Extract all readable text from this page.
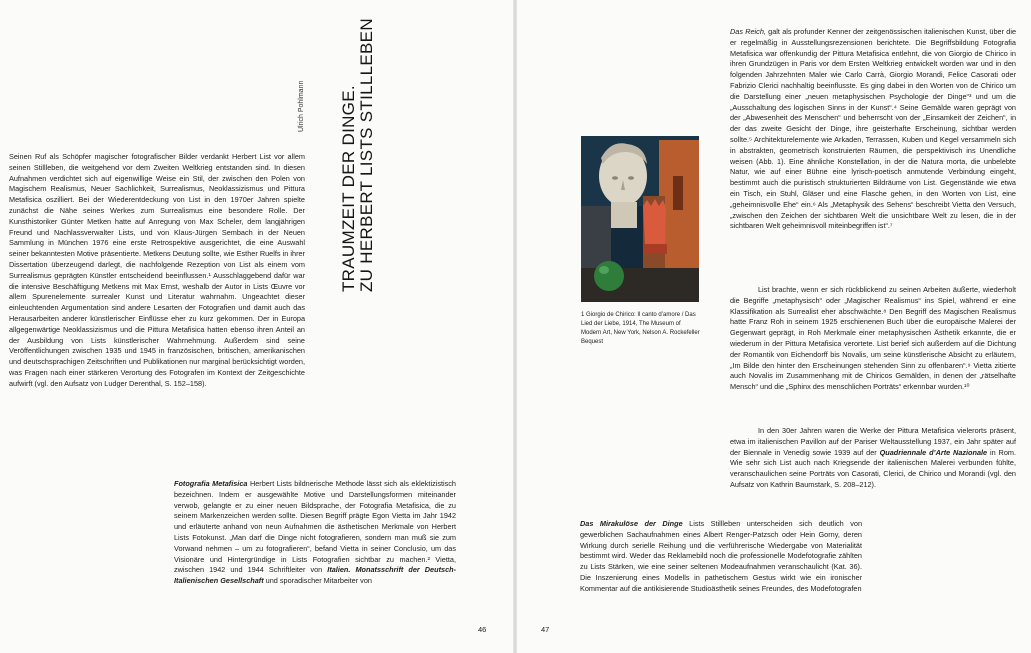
Ulrich Pohlmann TRAUMZEIT DER DINGE. ZU HERBERT LISTS STILLLEBEN

Seinen Ruf als Schöpfer magischer fotografischer Bilder verdankt Herbert List vor allem seinen Stillleben, die weitgehend vor dem Zweiten Weltkrieg entstanden sind. In diesen Aufnahmen verdichtet sich auf eigenwillige Weise ein Stil, der zwischen den Polen von Magischem Realismus, Neuer Sachlichkeit, Surrealismus, Neoklassizismus und Pittura Metafisica oszilliert. Bei der Wiederentdeckung von List in den 1970er Jahren spielte zunächst die Nähe seines Werkes zum Surrealismus eine besondere Rolle. Der Kunsthistoriker Günter Metken hatte auf Anregung von Max Scheler, dem langjährigen Freund und Nachlassverwalter Lists, und von Klaus-Jürgen Sembach in der Neuen Sammlung in München 1976 eine erste Retrospektive ausgerichtet, die eine Auswahl seiner bekanntesten Motive präsentierte. Metkens Deutung sollte, wie Esther Ruelfs in ihrer Dissertation überzeugend darlegt, die nachfolgende Rezeption von List als einem vom Surrealismus geprägten Künstler entscheidend beeinflussen.¹ Ausschlaggebend dafür war die intensive Beschäftigung Metkens mit Max Ernst, weshalb der Autor in Lists Œuvre vor allem Spurenelemente surrealer Kunst und Literatur wahrnahm. Ungeachtet dieser einleuchtenden Argumentation sind andere Lesarten der Fotografien und damit auch das Herausarbeiten anderer künstlerischer Einflüsse eher zu kurz gekommen. Der in Europa allgegenwärtige Neoklassizismus und die Pittura Metafisica hatten ebenso ihren Anteil an der Ausbildung von Lists künstlerischer Wahrnehmung. Außerdem sind seine Veröffentlichungen zwischen 1935 und 1945 in französischen, britischen, amerikanischen und deutschsprachigen Zeitschriften und Publikationen nur marginal berücksichtigt worden, was Fragen nach einer stärkeren Verortung des Fotografen im Kontext der Zeitgeschichte aufwirft (vgl. den Aufsatz von Ludger Derenthal, S. 152–158).

Fotografia Metafisica Herbert Lists bildnerische Methode lässt sich als eklektizistisch bezeichnen. Indem er ausgewählte Motive und Darstellungsformen miteinander verwob, gelangte er zu einer neuen Bildsprache, der Fotografia Metafisica, die zu seinem Markenzeichen werden sollte. Diesen Begriff prägte Egon Vietta im Jahr 1942 und erläuterte anhand von neun Aufnahmen die ästhetischen Merkmale von Herbert Lists Fotokunst. „Man darf die Dinge nicht fotografieren, sondern man muß sie zum Vorwand nehmen – um zu fotografieren“, befand Vietta in seiner Conclusio, um das Visionäre und Hintergründige in Lists Fotografien sichtbar zu machen.² Vietta, zwischen 1942 und 1944 Schriftleiter von Italien. Monatsschrift der Deutsch-Italienischen Gesellschaft und sporadischer Mitarbeiter von

46

Das Reich, galt als profunder Kenner der zeitgenössischen italienischen Kunst, über die er regelmäßig in Ausstellungsrezensionen berichtete. Die Begriffsbildung Fotografia Metafisica war offenkundig der Pittura Metafisica entlehnt, die von Giorgio de Chirico in ihren Grundzügen in Paris vor dem Ersten Weltkrieg entwickelt worden war und in den folgenden Jahrzehnten Maler wie Carlo Carrà, Giorgio Morandi, Felice Casorati oder Fabrizio Clerici nachhaltig beeinflusste. Es ging dabei in den Worten von de Chirico um die Darstellung einer „neuen metaphysischen Psychologie der Dinge“³ und um die „Ausschaltung des logischen Sinns in der Kunst“.⁴ Seine Gemälde waren geprägt von der „Abwesenheit des Menschen“ und beherrscht von der „Einsamkeit der Zeichen“, in der das zweite Gesicht der Dinge, ihre geisterhafte Erscheinung, sichtbar werden sollte.⁵ Architekturelemente wie Arkaden, Terrassen, Kuben und Kegel versammeln sich in abstrakten, geometrisch konstruierten Räumen, die perspektivisch ins Unendliche weisen (Abb. 1). Eine ähnliche Konstellation, in der die Natura morta, die unbelebte Natur, wie auf einer Bühne eine lyrisch-poetisch anmutende Verbindung eingeht, bestimmt auch die puristisch strukturierten Bildräume von List. Gegenstände wie etwa ein Tisch, ein Stuhl, Gläser und eine Flasche gehen, in den Worten von List, eine „geheimnisvolle Ehe“ ein.⁶ Als „Metaphysik des Sehens“ beschreibt Vietta den Versuch, „zwischen den Zeichen der sichtbaren Welt die unsichtbare Welt zu lesen, die in der sichtbaren Welt geheimnisvoll miteinbegriffen ist“.⁷

List brachte, wenn er sich rückblickend zu seinen Arbeiten äußerte, wiederholt die Begriffe „metaphysisch“ oder „Magischer Realismus“ ins Spiel, während er eine Klassifikation als Surrealist eher abschwächte.⁸ Den Begriff des Magischen Realismus hatte Franz Roh in seinem 1925 erschienenen Buch über die europäische Malerei der Gegenwart geprägt, in Roh Merkmale einer metaphysischen Ästhetik erkannte, die er wiederum in der Pittura Metafisica verortete. List berief sich außerdem auf die Dichtung der Romantik von Eichendorff bis Novalis, um seine künstlerische Absicht zu erläutern, „Im Bilde den hinter den Erscheinungen stehenden Sinn zu offenbaren“.⁹ Vietta zitierte auch Novalis im Zusammenhang mit de Chiricos Gemälden, in denen der „rätselhafte Mensch“ und die „Sphinx des menschlichen Porträts“ erkennbar wurden.¹⁰

In den 30er Jahren waren die Werke der Pittura Metafisica vielerorts präsent, etwa im italienischen Pavillon auf der Pariser Weltausstellung 1937, ein Jahr später auf der Biennale in Venedig sowie 1939 auf der Quadriennale d’Arte Nazionale in Rom. Wie sehr sich List auch nach Kriegsende der italienischen Malerei verbunden fühlte, veranschaulichen seine Porträts von Casorati, Clerici, de Chirico und Morandi (vgl. den Aufsatz von Kathrin Baumstark, S. 208–212).

Das Mirakulöse der Dinge Lists Stillleben unterscheiden sich deutlich von gewerblichen Sachaufnahmen eines Albert Renger-Patzsch oder Hein Gorny, deren Wirkung durch serielle Reihung und die verführerische Wiedergabe von Materialität bestimmt wird. Weder das Reklamebild noch die professionelle Modefotografie zählten zu Lists Stärken, wie eine seiner seltenen Modeaufnahmen veranschaulicht (Kat. 36). Die Inszenierung eines Modells in pathetischem Gestus wirkt wie ein ironischer Kommentar auf die antikisierende Studioästhetik seines Freundes, des Modefotografen

1 Giorgio de Chirico: Il canto d’amore / Das Lied der Liebe, 1914, The Museum of Modern Art, New York, Nelson A. Rockefeller Bequest
47
